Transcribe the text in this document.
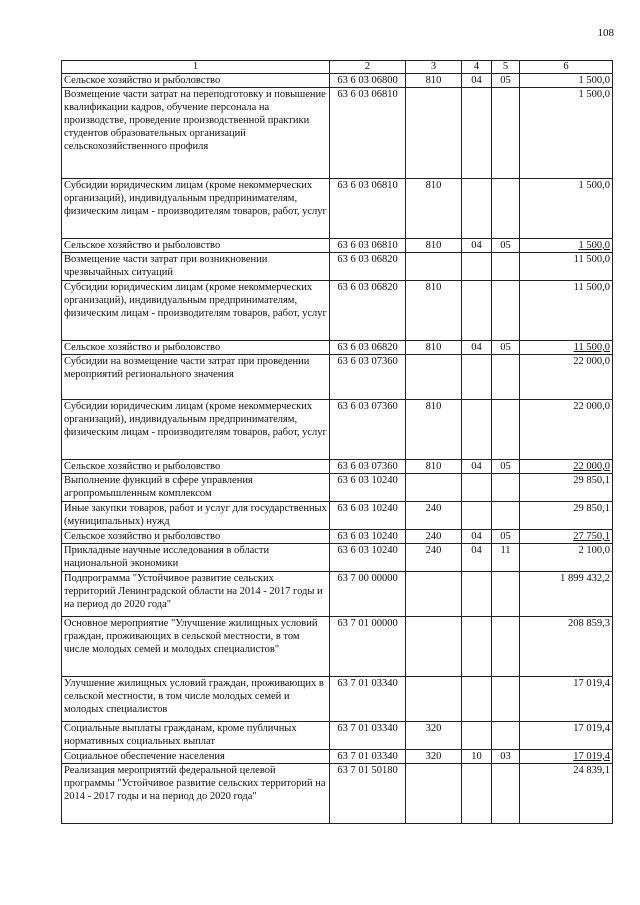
108
1	2	3	4	5	6
Сельское хозяйство и рыболовство	63 6 03 06800	810	04	05	1 500,0
Возмещение части затрат на переподготовку и повышение квалификации кадров, обучение персонала на производстве, проведение производственной практики студентов образовательных организаций сельскохозяйственного профиля	63 6 03 06810				1 500,0
Субсидии юридическим лицам (кроме некоммерческих организаций), индивидуальным предпринимателям, физическим лицам - производителям товаров, работ, услуг	63 6 03 06810	810			1 500,0
Сельское хозяйство и рыболовство	63 6 03 06810	810	04	05	1 500,0
Возмещение части затрат при возникновении чрезвычайных ситуаций	63 6 03 06820				11 500,0
Субсидии юридическим лицам (кроме некоммерческих организаций), индивидуальным предпринимателям, физическим лицам - производителям товаров, работ, услуг	63 6 03 06820	810			11 500,0
Сельское хозяйство и рыболовство	63 6 03 06820	810	04	05	11 500,0
Субсидии на возмещение части затрат при проведении мероприятий регионального значения	63 6 03 07360				22 000,0
Субсидии юридическим лицам (кроме некоммерческих организаций), индивидуальным предпринимателям, физическим лицам - производителям товаров, работ, услуг	63 6 03 07360	810			22 000,0
Сельское хозяйство и рыболовство	63 6 03 07360	810	04	05	22 000,0
Выполнение функций в сфере управления агропромышленным комплексом	63 6 03 10240				29 850,1
Иные закупки товаров, работ и услуг для государственных (муниципальных) нужд	63 6 03 10240	240			29 850,1
Сельское хозяйство и рыболовство	63 6 03 10240	240	04	05	27 750,1
Прикладные научные исследования в области национальной экономики	63 6 03 10240	240	04	11	2 100,0
Подпрограмма "Устойчивое развитие сельских территорий Ленинградской области на 2014 - 2017 годы и на период до 2020 года"	63 7 00 00000				1 899 432,2
Основное мероприятие "Улучшение жилищных условий граждан, проживающих в сельской местности, в том числе молодых семей и молодых специалистов"	63 7 01 00000				208 859,3
Улучшение жилищных условий граждан, проживающих в сельской местности, в том числе молодых семей и молодых специалистов	63 7 01 03340				17 019,4
Социальные выплаты гражданам, кроме публичных нормативных социальных выплат	63 7 01 03340	320			17 019,4
Социальное обеспечение населения	63 7 01 03340	320	10	03	17 019,4
Реализация мероприятий федеральной целевой программы "Устойчивое развитие сельских территорий на 2014 - 2017 годы и на период до 2020 года"	63 7 01 50180				24 839,1
